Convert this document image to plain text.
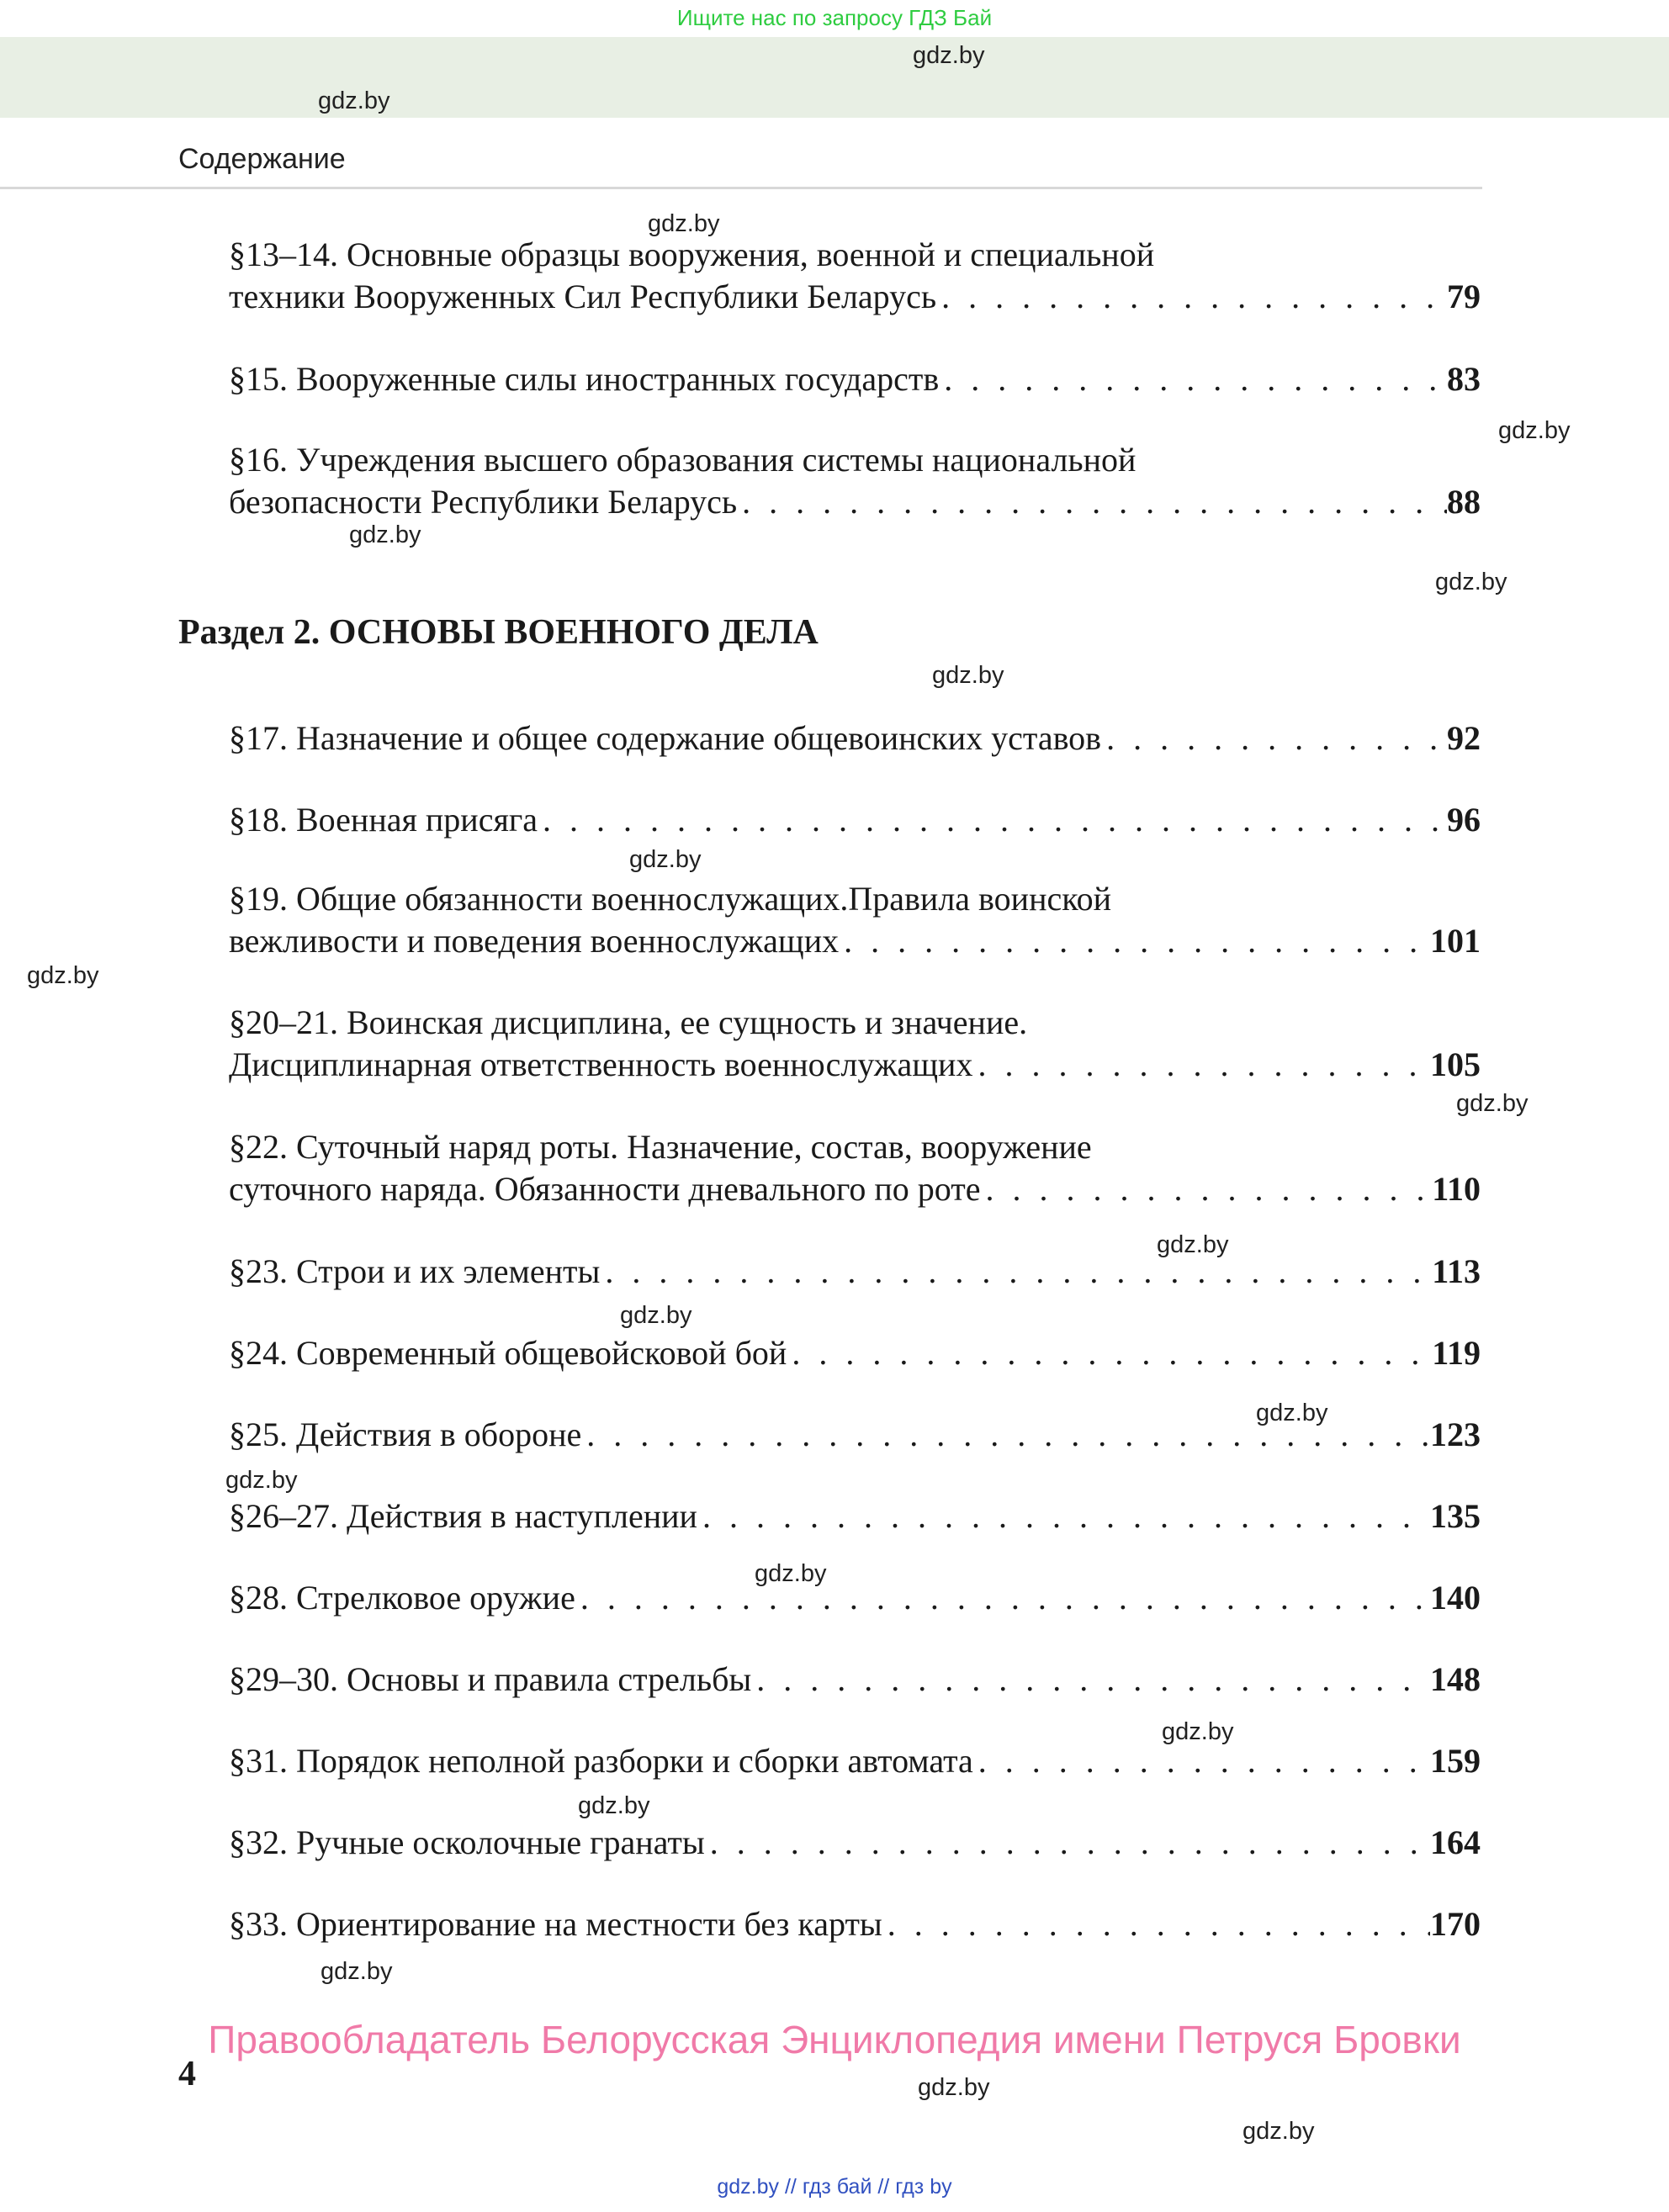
Ищите нас по запросу ГДЗ Бай
Содержание
§13–14. Основные образцы вооружения, военной и специальной
техники Вооруженных Сил Республики Беларусь . . .	79
§15. Вооруженные силы иностранных государств . . .	83
§16. Учреждения высшего образования системы национальной
безопасности Республики Беларусь . . .	88
Раздел 2. ОСНОВЫ ВОЕННОГО ДЕЛА
§17. Назначение и общее содержание общевоинских уставов . . .	92
§18. Военная присяга . . .	96
§19. Общие обязанности военнослужащих.Правила воинской
вежливости и поведения военнослужащих . . .	101
§20–21. Воинская дисциплина, ее сущность и значение.
Дисциплинарная ответственность военнослужащих . . .	105
§22. Суточный наряд роты. Назначение, состав, вооружение
суточного наряда. Обязанности дневального по роте . . .	110
§23. Строи и их элементы . . .	113
§24. Современный общевойсковой бой . . .	119
§25. Действия в обороне . . .	123
§26–27. Действия в наступлении . . .	135
§28. Стрелковое оружие . . .	140
§29–30. Основы и правила стрельбы . . .	148
§31. Порядок неполной разборки и сборки автомата . . .	159
§32. Ручные осколочные гранаты . . .	164
§33. Ориентирование на местности без карты . . .	170
gdz.by
gdz.by
gdz.by
gdz.by
gdz.by
gdz.by
gdz.by
gdz.by
gdz.by
gdz.by
gdz.by
gdz.by
gdz.by
gdz.by
gdz.by
gdz.by
gdz.by
gdz.by
gdz.by
gdz.by
Правообладатель Белорусская Энциклопедия имени Петруся Бровки
4
gdz.by // гдз бай // гдз by
